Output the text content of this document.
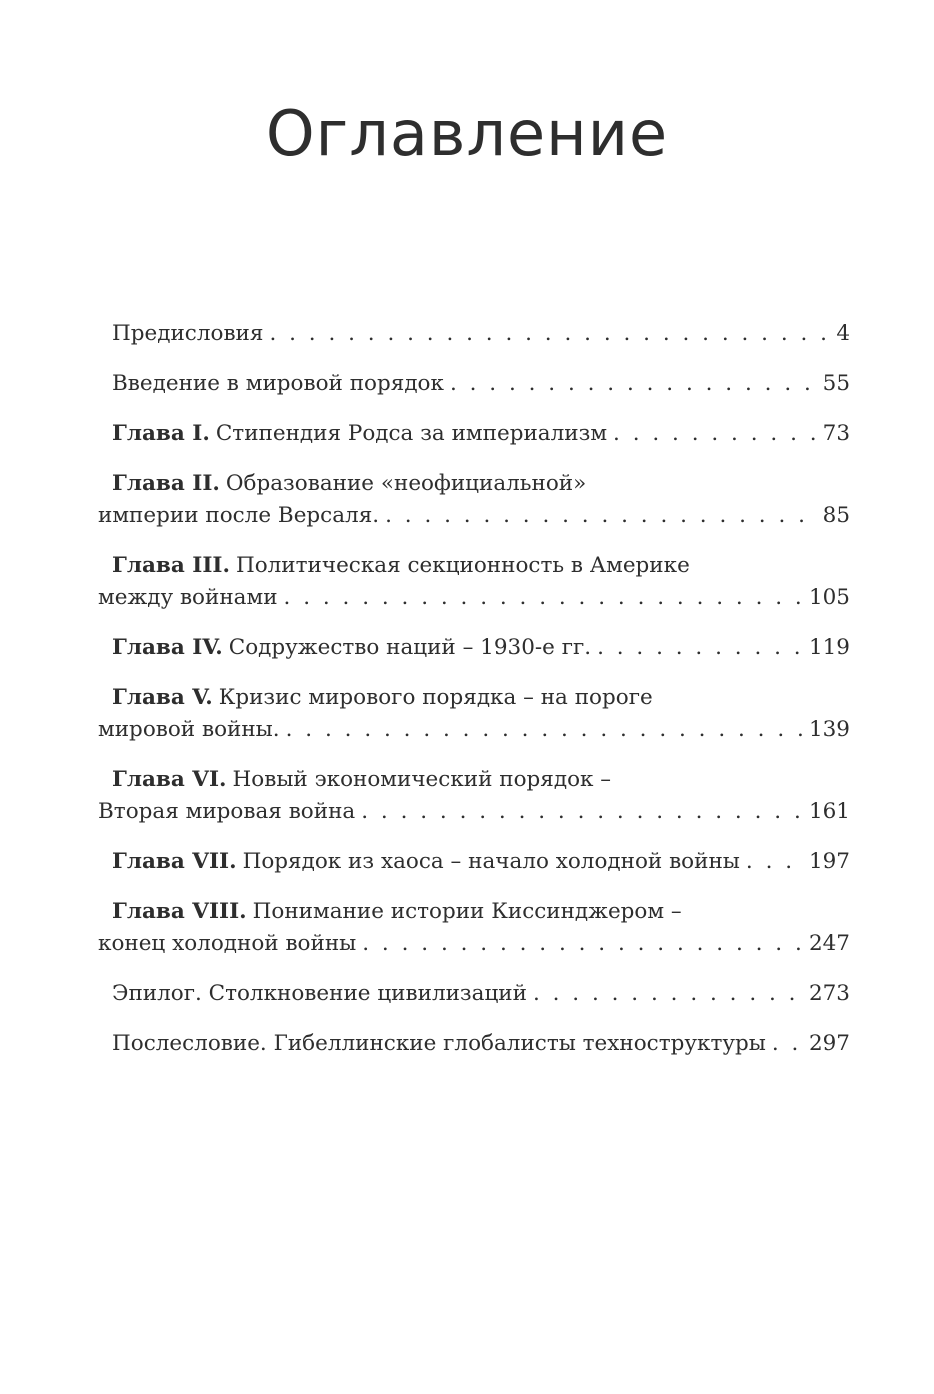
Оглавление
Предисловия . . .	4
Введение в мировой порядок . . .	55
Глава I. Стипендия Родса за империализм . . .	73
Глава II. Образование «неофициальной»
империи после Версаля. . . .	85
Глава III. Политическая секционность в Америке
между войнами . . .	105
Глава IV. Содружество наций – 1930-е гг. . . .	119
Глава V. Кризис мирового порядка – на пороге
мировой войны. . . .	139
Глава VI. Новый экономический порядок –
Вторая мировая война . . .	161
Глава VII. Порядок из хаоса – начало холодной войны . . .	197
Глава VIII. Понимание истории Киссинджером –
конец холодной войны . . .	247
Эпилог. Столкновение цивилизаций . . .	273
Послесловие. Гибеллинские глобалисты техноструктуры . . . 297
